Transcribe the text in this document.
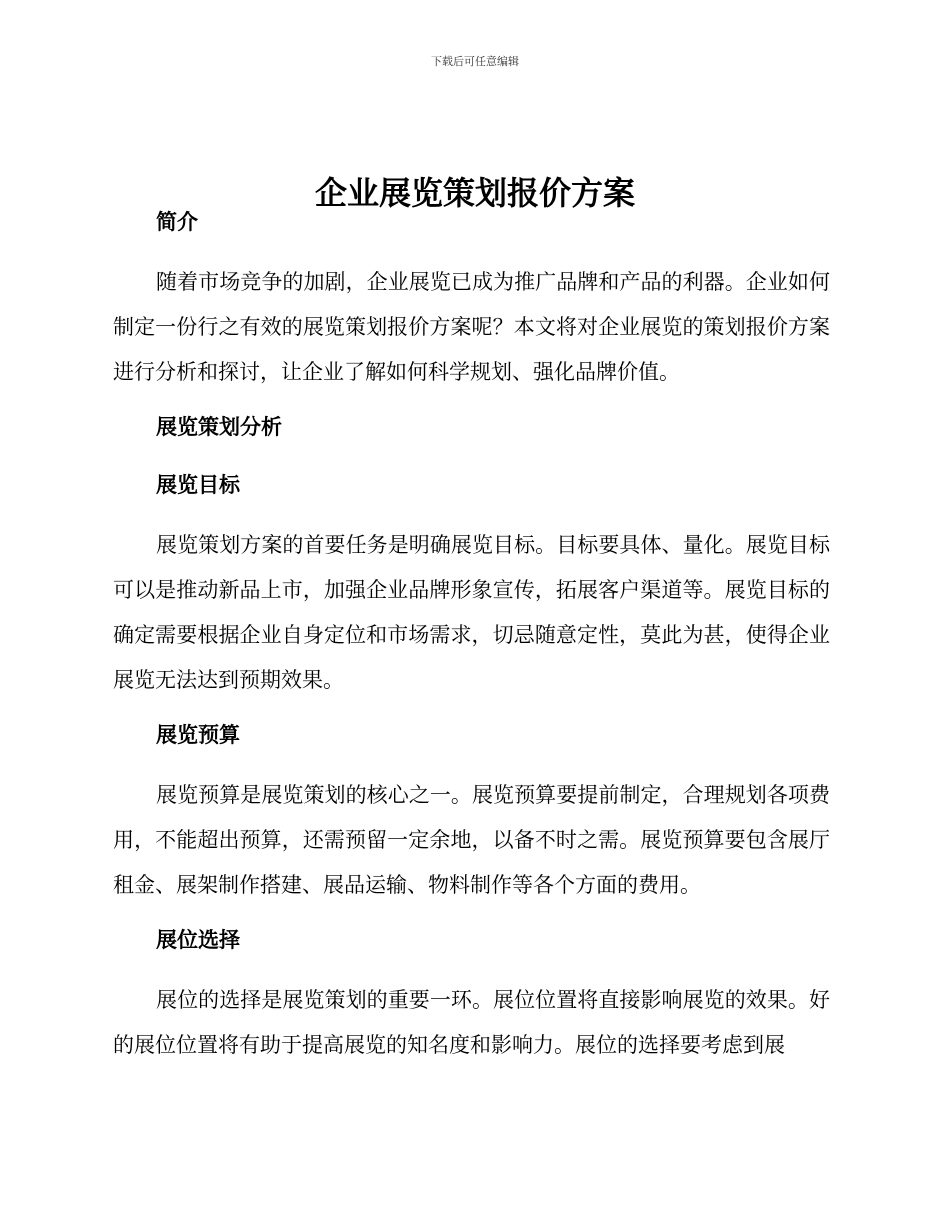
下载后可任意编辑
企业展览策划报价方案

简介

随着市场竞争的加剧，企业展览已成为推广品牌和产品的利器。企业如何制定一份行之有效的展览策划报价方案呢？本文将对企业展览的策划报价方案进行分析和探讨，让企业了解如何科学规划、强化品牌价值。

展览策划分析

展览目标

展览策划方案的首要任务是明确展览目标。目标要具体、量化。展览目标可以是推动新品上市，加强企业品牌形象宣传，拓展客户渠道等。展览目标的确定需要根据企业自身定位和市场需求，切忌随意定性，莫此为甚，使得企业展览无法达到预期效果。

展览预算

展览预算是展览策划的核心之一。展览预算要提前制定，合理规划各项费用，不能超出预算，还需预留一定余地，以备不时之需。展览预算要包含展厅租金、展架制作搭建、展品运输、物料制作等各个方面的费用。

展位选择

展位的选择是展览策划的重要一环。展位位置将直接影响展览的效果。好的展位位置将有助于提高展览的知名度和影响力。展位的选择要考虑到展
